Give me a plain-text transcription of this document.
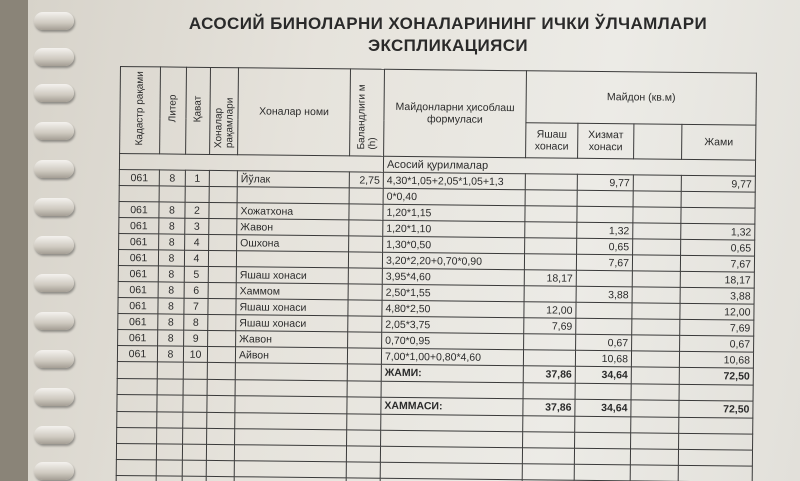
АСОСИЙ БИНОЛАРНИ ХОНАЛАРИНИНГ ИЧКИ ЎЛЧАМЛАРИ
ЭКСПЛИКАЦИЯСИ
Кадастр рақами	Литер	Қават	Хоналар рақамлари	Хоналар номи	Баландлиги м (h)	Майдонларни ҳисоблаш формуласи	Майдон (кв.м)			
							Яшаш хонаси	Хизмат хонаси		Жами
						Асосий қурилмалар				
061	8	1		Йўлак	2,75	4,30*1,05+2,05*1,05+1,3		9,77		9,77
						0*0,40				
061	8	2		Хожатхона		1,20*1,15				
061	8	3		Жавон		1,20*1,10		1,32		1,32
061	8	4		Ошхона		1,30*0,50		0,65		0,65
061	8	4				3,20*2,20+0,70*0,90		7,67		7,67
061	8	5		Яшаш хонаси		3,95*4,60	18,17			18,17
061	8	6		Хаммом		2,50*1,55		3,88		3,88
061	8	7		Яшаш хонаси		4,80*2,50	12,00			12,00
061	8	8		Яшаш хонаси		2,05*3,75	7,69			7,69
061	8	9		Жавон		0,70*0,95		0,67		0,67
061	8	10		Айвон		7,00*1,00+0,80*4,60		10,68		10,68
						ЖАМИ:	37,86	34,64		72,50

						ХАММАСИ:	37,86	34,64		72,50
